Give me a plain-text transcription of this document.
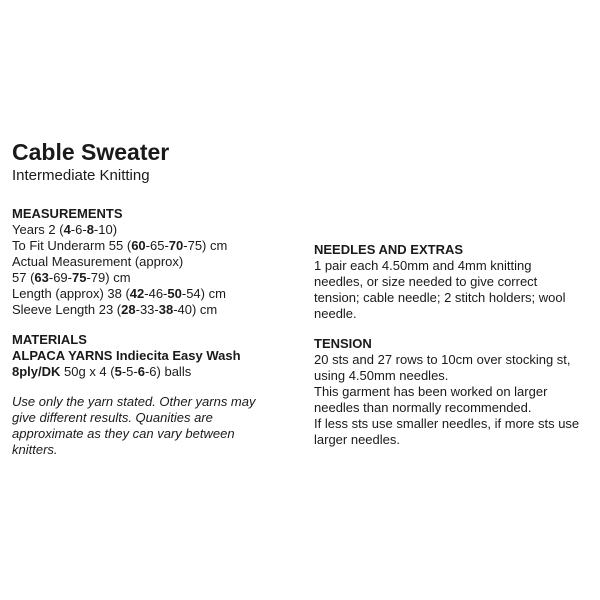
Cable Sweater
Intermediate Knitting
MEASUREMENTS
Years 2 (4-6-8-10)
To Fit Underarm 55 (60-65-70-75) cm
Actual Measurement (approx)
57 (63-69-75-79) cm
Length (approx) 38 (42-46-50-54) cm
Sleeve Length 23 (28-33-38-40) cm
MATERIALS
ALPACA YARNS Indiecita Easy Wash
8ply/DK 50g x 4 (5-5-6-6) balls
Use only the yarn stated. Other yarns may
give different results. Quanities are
approximate as they can vary between
knitters.
NEEDLES AND EXTRAS
1 pair each 4.50mm and 4mm knitting
needles, or size needed to give correct
tension; cable needle; 2 stitch holders; wool
needle.
TENSION
20 sts and 27 rows to 10cm over stocking st,
using 4.50mm needles.
This garment has been worked on larger
needles than normally recommended.
If less sts use smaller needles, if more sts use
larger needles.
